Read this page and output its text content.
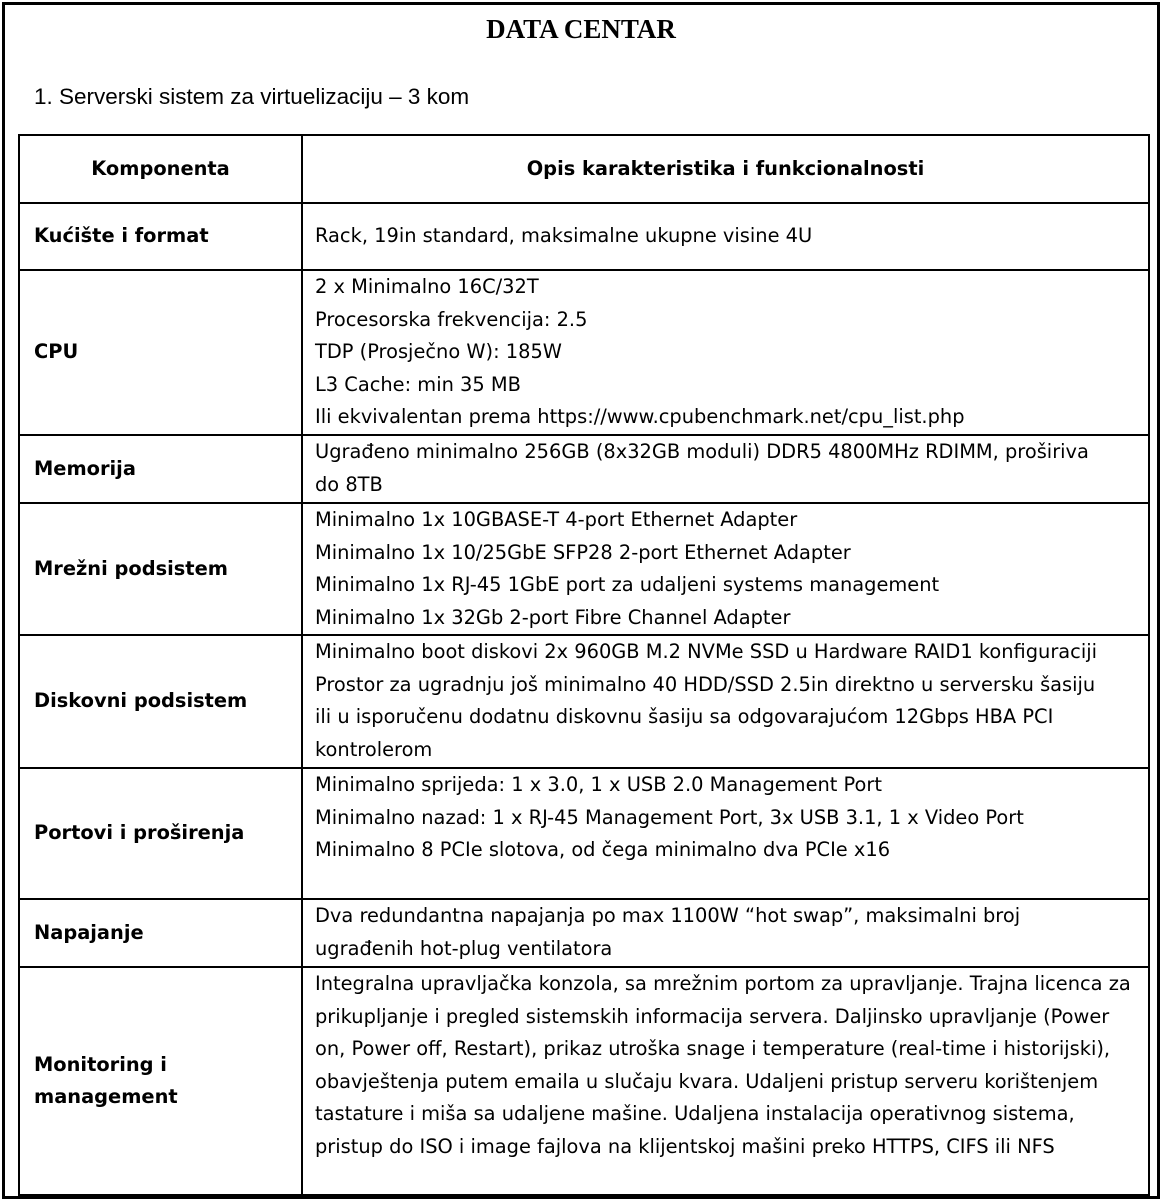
DATA CENTAR

1. Serverski sistem za virtuelizaciju – 3 kom

Komponenta	Opis karakteristika i funkcionalnosti
Kućište i format	Rack, 19in standard, maksimalne ukupne visine 4U

CPU	2 x Minimalno 16C/32T
Procesorska frekvencija: 2.5
TDP (Prosječno W): 185W
L3 Cache: min 35 MB
Ili ekvivalentan prema https://www.cpubenchmark.net/cpu_list.php

Memorija	Ugrađeno minimalno 256GB (8x32GB moduli) DDR5 4800MHz RDIMM, proširiva
do 8TB

Mrežni podsistem	Minimalno 1x 10GBASE-T 4-port Ethernet Adapter
Minimalno 1x 10/25GbE SFP28 2-port Ethernet Adapter
Minimalno 1x RJ-45 1GbE port za udaljeni systems management
Minimalno 1x 32Gb 2-port Fibre Channel Adapter

Diskovni podsistem	Minimalno boot diskovi 2x 960GB M.2 NVMe SSD u Hardware RAID1 konfiguraciji
Prostor za ugradnju još minimalno 40 HDD/SSD 2.5in direktno u serversku šasiju
ili u isporučenu dodatnu diskovnu šasiju sa odgovarajućom 12Gbps HBA PCI
kontrolerom

Portovi i proširenja	Minimalno sprijeda: 1 x 3.0, 1 x USB 2.0 Management Port
Minimalno nazad: 1 x RJ-45 Management Port, 3x USB 3.1, 1 x Video Port
Minimalno 8 PCIe slotova, od čega minimalno dva PCIe x16

Napajanje	Dva redundantna napajanja po max 1100W “hot swap”, maksimalni broj
ugrađenih hot-plug ventilatora

Monitoring i management	Integralna upravljačka konzola, sa mrežnim portom za upravljanje. Trajna licenca za prikupljanje i pregled sistemskih informacija servera. Daljinsko upravljanje (Power on, Power off, Restart), prikaz utroška snage i temperature (real-time i historijski), obavještenja putem emaila u slučaju kvara. Udaljeni pristup serveru korištenjem tastature i miša sa udaljene mašine. Udaljena instalacija operativnog sistema, pristup do ISO i image fajlova na klijentskoj mašini preko HTTPS, CIFS ili NFS
